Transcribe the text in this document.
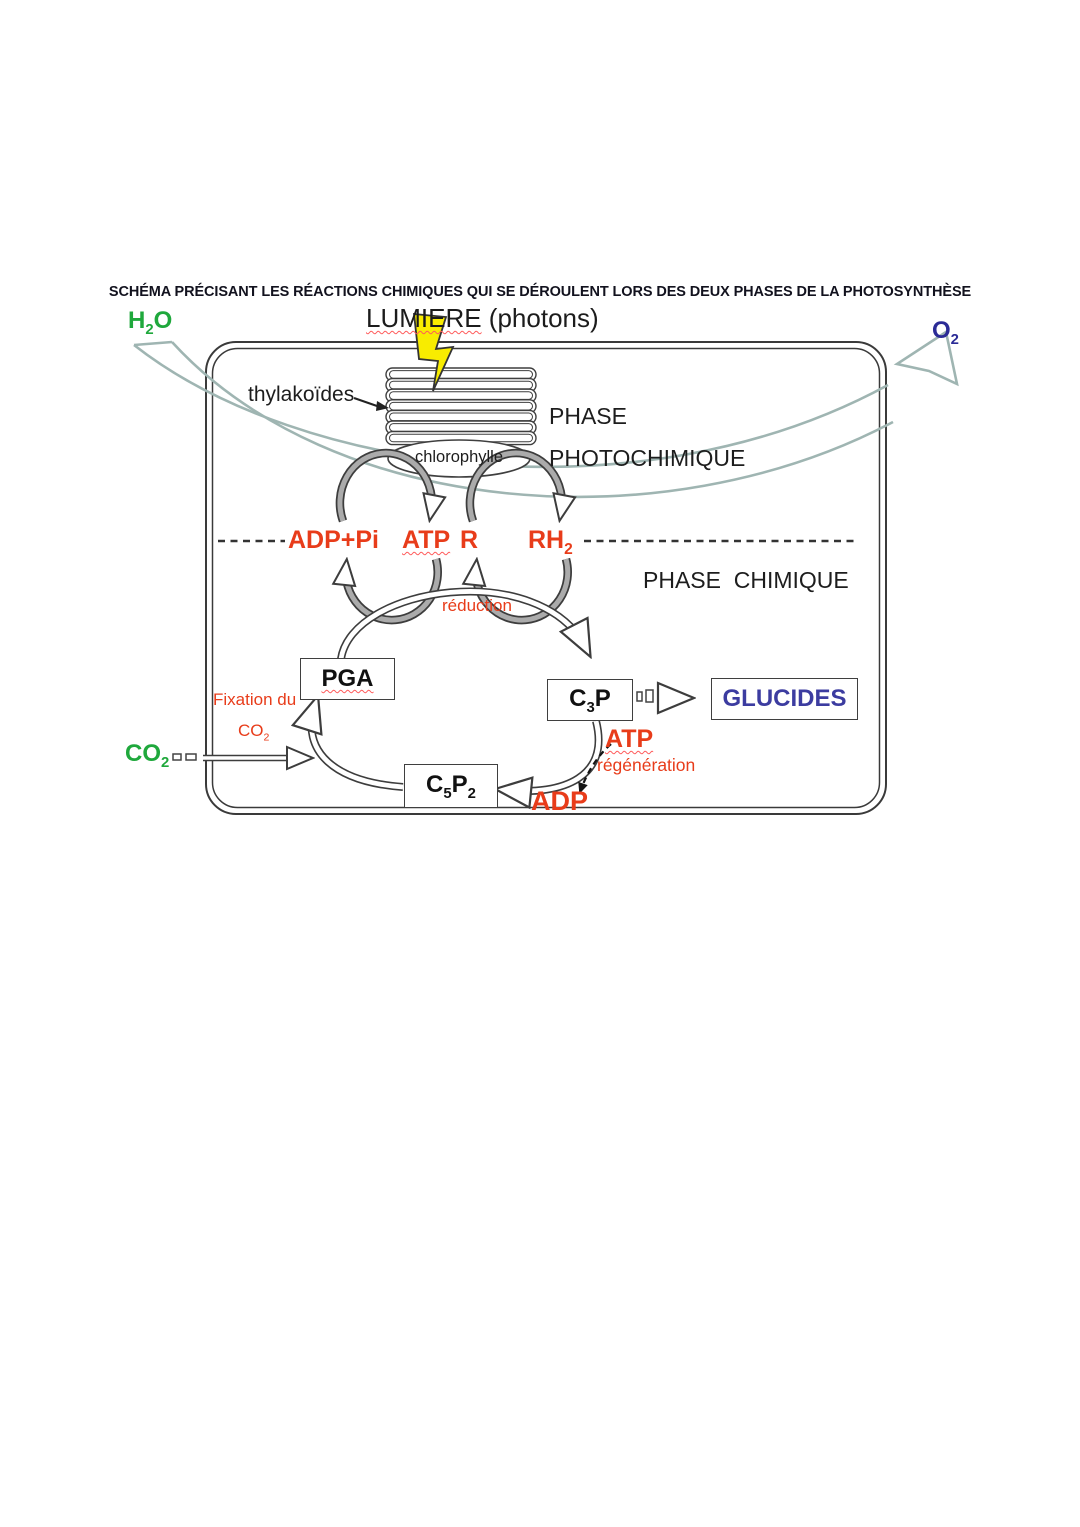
SCHÉMA PRÉCISANT LES RÉACTIONS CHIMIQUES QUI SE DÉROULENT LORS DES DEUX PHASES DE LA PHOTOSYNTHÈSE
LUMIERE (photons)
$H_2O$	$O_2$
thylakoïdes
chlorophylle
PHASE
PHOTOCHIMIQUE
ADP+Pi ATP R $RH_2$
PHASE  CHIMIQUE
réduction
PGA
$C_3P$	GLUCIDES
$C_5P_2$
Fixation du
$CO_2$
$CO_2$
ATP
régénération
ADP
